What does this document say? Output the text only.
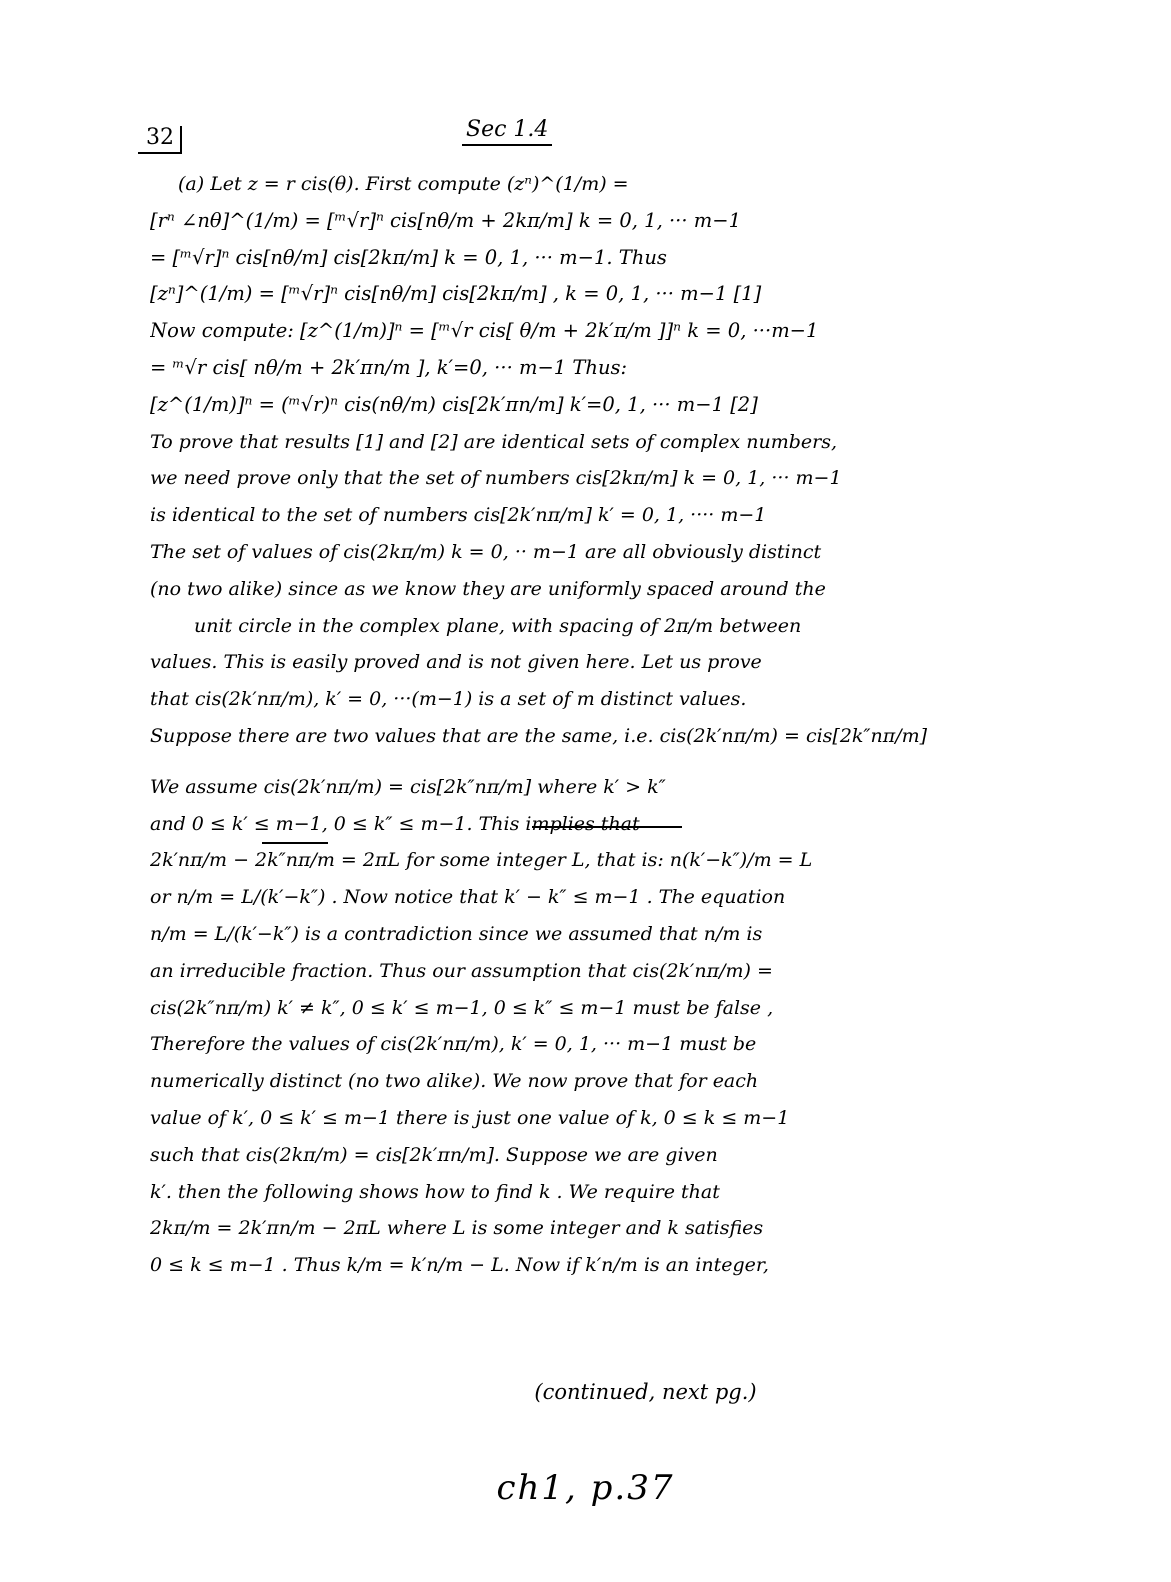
32	Sec 1.4
(a) Let z = r cis(θ). First compute (zⁿ)^(1/m) =
[rⁿ ∠nθ]^(1/m) = [ᵐ√r]ⁿ cis[nθ/m + 2kπ/m] k = 0, 1, ··· m−1
= [ᵐ√r]ⁿ cis[nθ/m] cis[2kπ/m] k = 0, 1, ··· m−1. Thus
[zⁿ]^(1/m) = [ᵐ√r]ⁿ cis[nθ/m] cis[2kπ/m] , k = 0, 1, ··· m−1 [1]
Now compute: [z^(1/m)]ⁿ = [ᵐ√r cis[ θ/m + 2k′π/m ]]ⁿ k = 0, ···m−1
= ᵐ√r cis[ nθ/m + 2k′πn/m ], k′=0, ··· m−1 Thus:
[z^(1/m)]ⁿ = (ᵐ√r)ⁿ cis(nθ/m) cis[2k′πn/m] k′=0, 1, ··· m−1 [2]
To prove that results [1] and [2] are identical sets of complex numbers,
we need prove only that the set of numbers cis[2kπ/m] k = 0, 1, ··· m−1
is identical to the set of numbers cis[2k′nπ/m] k′ = 0, 1, ···· m−1
The set of values of cis(2kπ/m) k = 0, ·· m−1 are all obviously distinct
(no two alike) since as we know they are uniformly spaced around the
unit circle in the complex plane, with spacing of 2π/m between
values. This is easily proved and is not given here. Let us prove
that cis(2k′nπ/m), k′ = 0, ···(m−1) is a set of m distinct values.
Suppose there are two values that are the same, i.e. cis(2k′nπ/m) = cis[2k″nπ/m]
We assume cis(2k′nπ/m) = cis[2k″nπ/m] where k′ > k″
and 0 ≤ k′ ≤ m−1, 0 ≤ k″ ≤ m−1. This implies that
2k′nπ/m − 2k″nπ/m = 2πL for some integer L, that is: n(k′−k″)/m = L
or n/m = L/(k′−k″) . Now notice that k′ − k″ ≤ m−1 . The equation
n/m = L/(k′−k″) is a contradiction since we assumed that n/m is
an irreducible fraction. Thus our assumption that cis(2k′nπ/m) =
cis(2k″nπ/m) k′ ≠ k″, 0 ≤ k′ ≤ m−1, 0 ≤ k″ ≤ m−1 must be false ,
Therefore the values of cis(2k′nπ/m), k′ = 0, 1, ··· m−1 must be
numerically distinct (no two alike). We now prove that for each
value of k′, 0 ≤ k′ ≤ m−1 there is just one value of k, 0 ≤ k ≤ m−1
such that cis(2kπ/m) = cis[2k′πn/m]. Suppose we are given
k′. then the following shows how to find k . We require that
2kπ/m = 2k′πn/m − 2πL where L is some integer and k satisfies
0 ≤ k ≤ m−1 . Thus k/m = k′n/m − L. Now if k′n/m is an integer,
(continued, next pg.)
ch1, p.37
